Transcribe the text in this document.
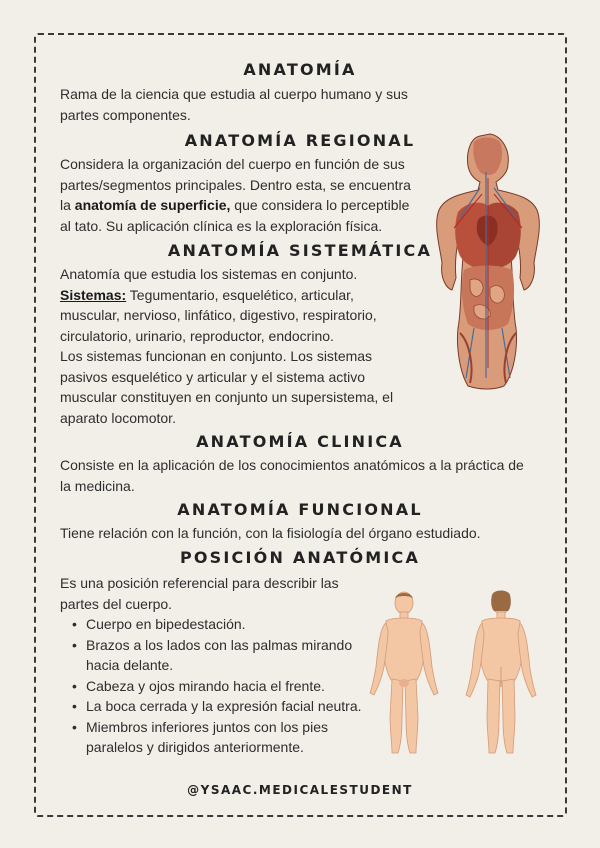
ANATOMÍA
Rama de la ciencia que estudia al cuerpo humano y sus partes componentes.
ANATOMÍA REGIONAL
Considera la organización del cuerpo en función de sus partes/segmentos principales. Dentro esta, se encuentra la anatomía de superficie, que considera lo perceptible al tato. Su aplicación clínica es la exploración física.
ANATOMÍA SISTEMÁTICA
Anatomía que estudia los sistemas en conjunto.
Sistemas: Tegumentario, esquelético, articular, muscular, nervioso, linfático, digestivo, respiratorio, circulatorio, urinario, reproductor, endocrino.
Los sistemas funcionan en conjunto. Los sistemas pasivos esquelético y articular y el sistema activo muscular constituyen en conjunto un supersistema, el aparato locomotor.
ANATOMÍA CLINICA
Consiste en la aplicación de los conocimientos anatómicos a la práctica de la medicina.
ANATOMÍA FUNCIONAL
Tiene relación con la función, con la fisiología del órgano estudiado.
POSICIÓN ANATÓMICA
Es una posición referencial para describir las partes del cuerpo.
• Cuerpo en bipedestación.
• Brazos a los lados con las palmas mirando hacia delante.
• Cabeza y ojos mirando hacia el frente.
• La boca cerrada y la expresión facial neutra.
• Miembros inferiores juntos con los pies paralelos y dirigidos anteriormente.
@YSAAC.MEDICALESTUDENT
